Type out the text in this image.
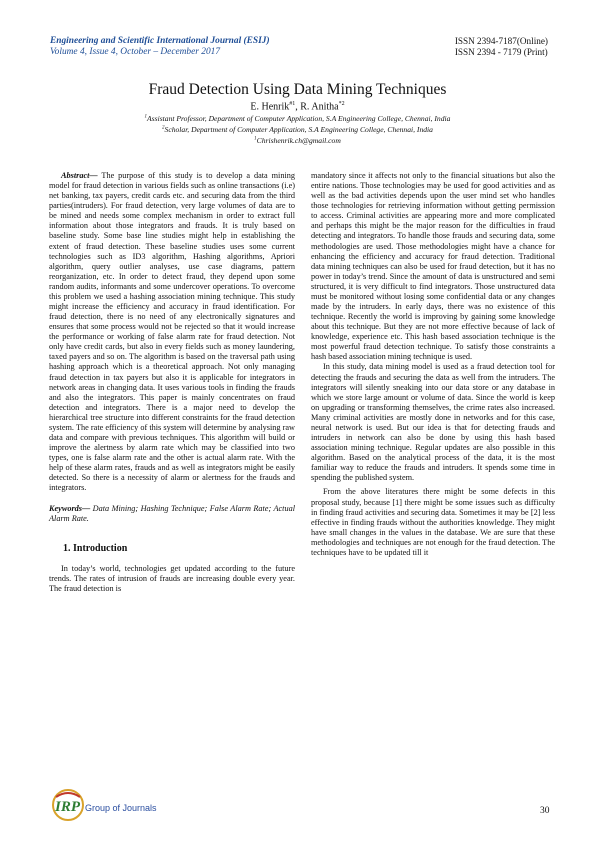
Engineering and Scientific International Journal (ESIJ)
Volume 4, Issue 4, October – December 2017
ISSN 2394-7187(Online)
ISSN 2394 - 7179 (Print)
Fraud Detection Using Data Mining Techniques
E. Henrik$^{\#1}$, R. Anitha$^{*2}$
$^1$Assistant Professor, Department of Computer Application, S.A Engineering College, Chennai, India
$^2$Scholar, Department of Computer Application, S.A Engineering College, Chennai, India
$^1$Chrishenrik.ch@gmail.com

Abstract— The purpose of this study is to develop a data mining model for fraud detection in various fields such as online transactions (i.e) net banking, tax payers, credit cards etc. and securing data from the third parties(intruders). For fraud detection, very large volumes of data are to be mined and needs some complex mechanism in order to extract full information about those integrators and frauds. It is truly based on baseline study. Some base line studies might help in establishing the extent of fraud detection. These baseline studies uses some current technologies such as ID3 algorithm, Hashing algorithms, Apriori algorithm, query outlier analyses, use case diagrams, pattern reorganization, etc. In order to detect fraud, they depend upon some random audits, informants and some undercover operations. To overcome this problem we used a hashing association mining technique. This study might increase the efficiency and accuracy in fraud identification. For fraud detection, there is no need of any electronically signatures and ensures that some process would not be rejected so that it would increase the performance or working of false alarm rate for fraud detection. Not only have credit cards, but also in every fields such as money laundering, taxed payers and so on. The algorithm is based on the traversal path using hashing approach which is a theoretical approach. Not only managing fraud detection in tax payers but also it is applicable for integrators in network areas in changing data. It uses various tools in finding the frauds and also the integrators. This paper is mainly concentrates on fraud detection and integrators. There is a major need to develop the hierarchical tree structure into different constraints for the fraud detection system. The rate efficiency of this system will determine by analysing raw data and compare with previous techniques. This algorithm will build or improve the alertness by alarm rate which may be classified into two types, one is false alarm rate and the other is actual alarm rate. With the help of these alarm rates, frauds and as well as integrators might be easily detected. So there is a necessity of alarm or alertness for the frauds and integrators.

Keywords— Data Mining; Hashing Technique; False Alarm Rate; Actual Alarm Rate.

1. Introduction

In today’s world, technologies get updated according to the future trends. The rates of intrusion of frauds are increasing double every year. The fraud detection is

mandatory since it affects not only to the financial situations but also the entire nations. Those technologies may be used for good activities and as well as the bad activities depends upon the user mind set who handles those technologies for retrieving information without getting permission to access. Criminal activities are appearing more and more complicated and perhaps this might be the major reason for the difficulties in fraud detecting and integrators. To handle those frauds and securing data, some methodologies are used. Those methodologies might have a chance for enhancing the efficiency and accuracy for fraud detection. Traditional data mining techniques can also be used for fraud detection, but it has no power in today’s trend. Since the amount of data is unstructured and semi structured, it is very difficult to find integrators. Those unstructured data must be monitored without losing some confidential data or any changes made by the intruders. In early days, there was no existence of this technique. Recently the world is improving by gaining some knowledge about this technique. But they are not more effective because of lack of knowledge, experience etc. This hash based association technique is the most powerful fraud detection technique. To satisfy those constraints a hash based association mining technique is used.

In this study, data mining model is used as a fraud detection tool for detecting the frauds and securing the data as well from the intruders. The integrators will silently sneaking into our data store or any database in which we store large amount or volume of data. Since the world is keep on upgrading or transforming themselves, the crime rates also increased. Many criminal activities are mostly done in networks and for this case, neural network is used. But our idea is that for detecting frauds and intruders in network can also be done by using this hash based association mining technique. Regular updates are also possible in this algorithm. Based on the analytical process of the data, it is the most familiar way to reduce the frauds and intruders. It spends some time in spending the published system.

From the above literatures there might be some defects in this proposal study, because [1] there might be some issues such as difficulty in finding fraud activities and securing data. Sometimes it may be [2] less effective in finding frauds without the authorities knowledge. They might have small changes in the values in the database. We are sure that these methodologies and techniques are not enough for the fraud detection. The techniques have to be updated till it

IRP Group of Journals	30
